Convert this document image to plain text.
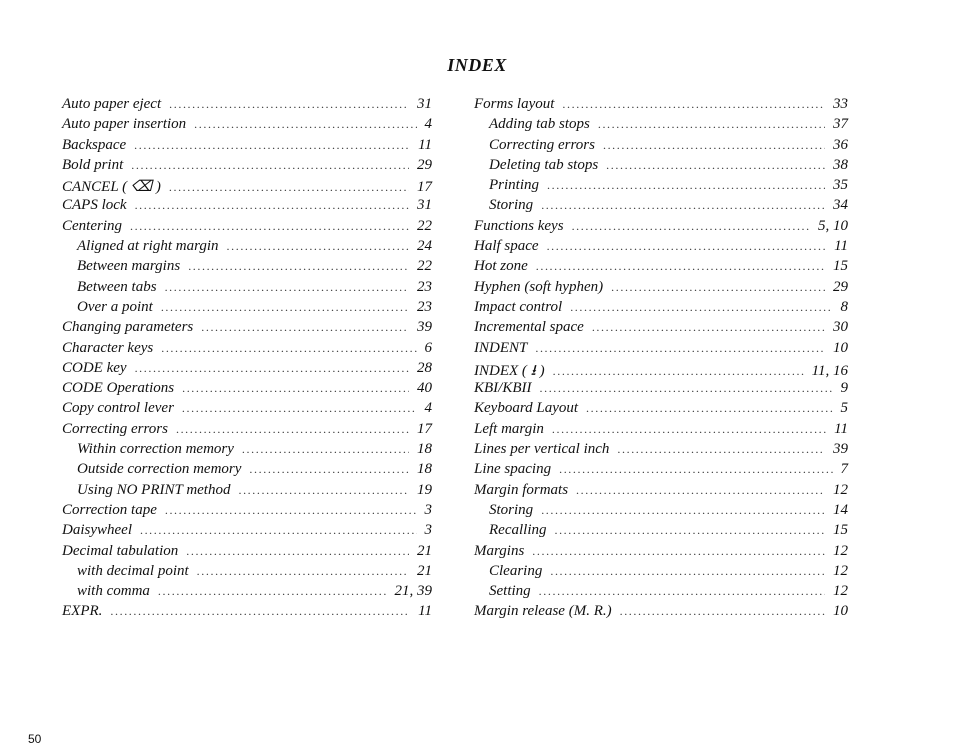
INDEX
Auto paper eject .....	31
Auto paper insertion .....	4
Backspace .....	11
Bold print .....	29
CANCEL ( ⌫ ) .....	17
CAPS lock .....	31
Centering .....	22
Aligned at right margin .....	24
Between margins .....	22
Between tabs .....	23
Over a point .....	23
Changing parameters .....	39
Character keys .....	6
CODE key .....	28
CODE Operations .....	40
Copy control lever .....	4
Correcting errors .....	17
Within correction memory .....	18
Outside correction memory .....	18
Using NO PRINT method .....	19
Correction tape .....	3
Daisywheel .....	3
Decimal tabulation .....	21
with decimal point .....	21
with comma .....	21, 39
EXPR. .....	11
Forms layout .....	33
Adding tab stops .....	37
Correcting errors .....	36
Deleting tab stops .....	38
Printing .....	35
Storing .....	34
Functions keys .....	5, 10
Half space .....	11
Hot zone .....	15
Hyphen (soft hyphen) .....	29
Impact control .....	8
Incremental space .....	30
INDENT .....	10
INDEX ( ⭳ ) .....	11, 16
KBI/KBII .....	9
Keyboard Layout .....	5
Left margin .....	11
Lines per vertical inch .....	39
Line spacing .....	7
Margin formats .....	12
Storing .....	14
Recalling .....	15
Margins .....	12
Clearing .....	12
Setting .....	12
Margin release (M. R.) .....	10
50
